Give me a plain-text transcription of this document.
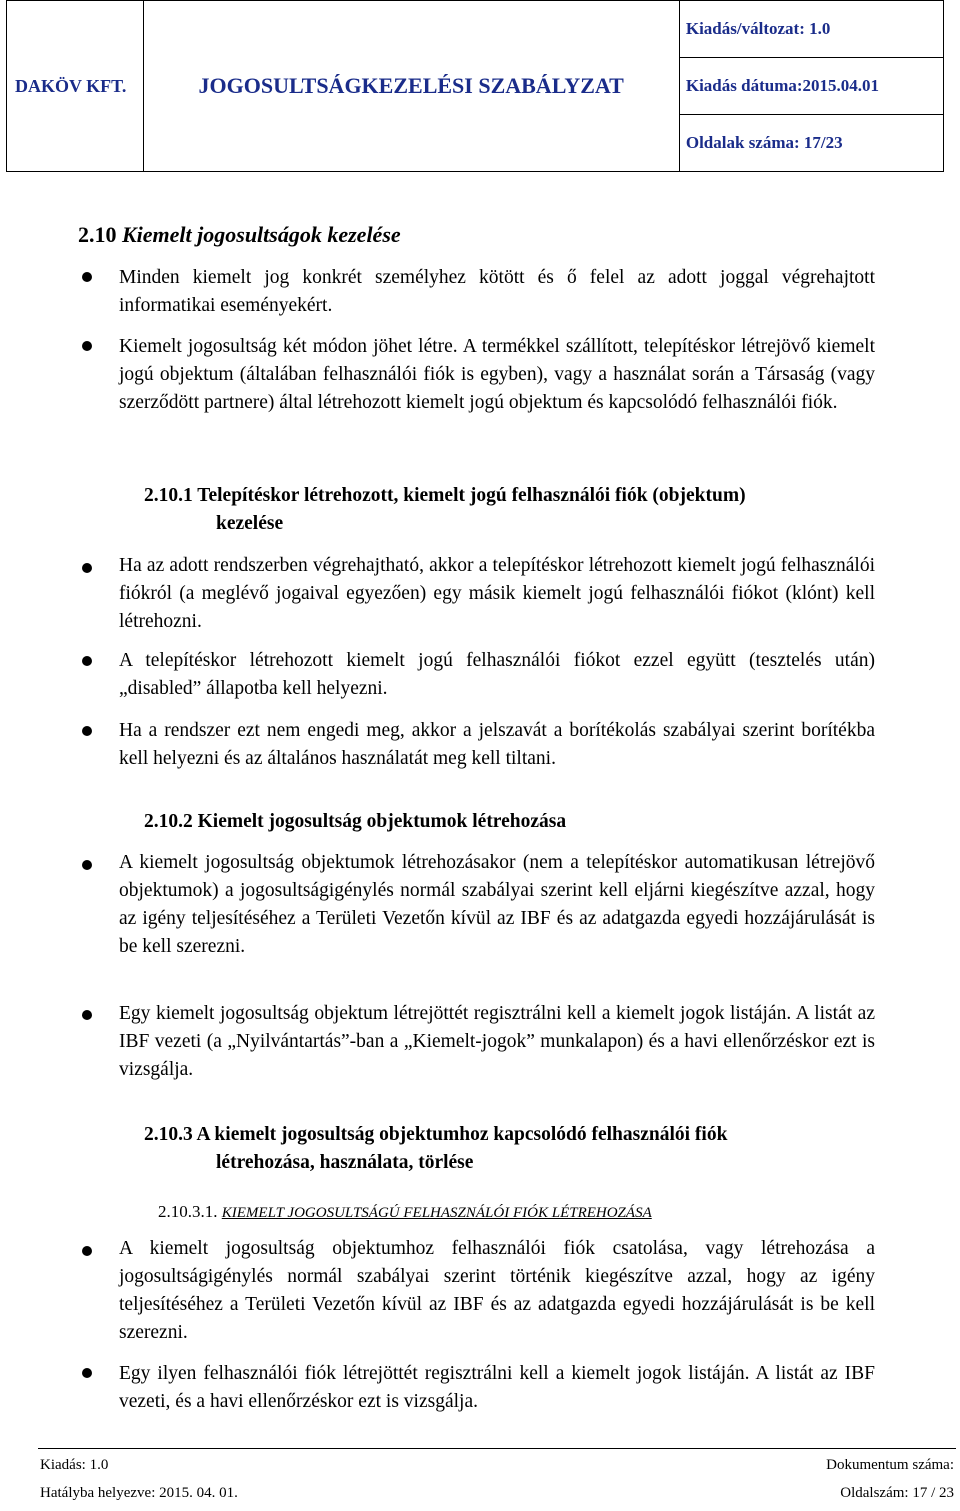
DAKÖV KFT.	JOGOSULTSÁGKEZELÉSI SZABÁLYZAT	Kiadás/változat: 1.0
Kiadás dátuma:2015.04.01
Oldalak száma: 17/23
2.10 Kiemelt jogosultságok kezelése
Minden kiemelt jog konkrét személyhez kötött és ő felel az adott joggal végrehajtott informatikai eseményekért.
Kiemelt jogosultság két módon jöhet létre. A termékkel szállított, telepítéskor létrejövő kiemelt jogú objektum (általában felhasználói fiók is egyben), vagy a használat során a Társaság (vagy szerződött partnere) által létrehozott kiemelt jogú objektum és kapcsolódó felhasználói fiók.
2.10.1 Telepítéskor létrehozott, kiemelt jogú felhasználói fiók (objektum)
kezelése
Ha az adott rendszerben végrehajtható, akkor a telepítéskor létrehozott kiemelt jogú felhasználói fiókról (a meglévő jogaival egyezően) egy másik kiemelt jogú felhasználói fiókot (klónt) kell létrehozni.
A telepítéskor létrehozott kiemelt jogú felhasználói fiókot ezzel együtt (tesztelés után) „disabled” állapotba kell helyezni.
Ha a rendszer ezt nem engedi meg, akkor a jelszavát a borítékolás szabályai szerint borítékba kell helyezni és az általános használatát meg kell tiltani.
2.10.2 Kiemelt jogosultság objektumok létrehozása
A kiemelt jogosultság objektumok létrehozásakor (nem a telepítéskor automatikusan létrejövő objektumok) a jogosultságigénylés normál szabályai szerint kell eljárni kiegészítve azzal, hogy az igény teljesítéséhez a Területi Vezetőn kívül az IBF és az adatgazda egyedi hozzájárulását is be kell szerezni.
Egy kiemelt jogosultság objektum létrejöttét regisztrálni kell a kiemelt jogok listáján. A listát az IBF vezeti (a „Nyilvántartás”-ban a „Kiemelt-jogok” munkalapon) és a havi ellenőrzéskor ezt is vizsgálja.
2.10.3 A kiemelt jogosultság objektumhoz kapcsolódó felhasználói fiók
létrehozása, használata, törlése
2.10.3.1. KIEMELT JOGOSULTSÁGÚ FELHASZNÁLÓI FIÓK LÉTREHOZÁSA
A kiemelt jogosultság objektumhoz felhasználói fiók csatolása, vagy létrehozása a jogosultságigénylés normál szabályai szerint történik kiegészítve azzal, hogy az igény teljesítéséhez a Területi Vezetőn kívül az IBF és az adatgazda egyedi hozzájárulását is be kell szerezni.
Egy ilyen felhasználói fiók létrejöttét regisztrálni kell a kiemelt jogok listáján. A listát az IBF vezeti, és a havi ellenőrzéskor ezt is vizsgálja.
Kiadás: 1.0	Dokumentum száma:
Hatályba helyezve: 2015. 04. 01.	Oldalszám: 17 / 23
